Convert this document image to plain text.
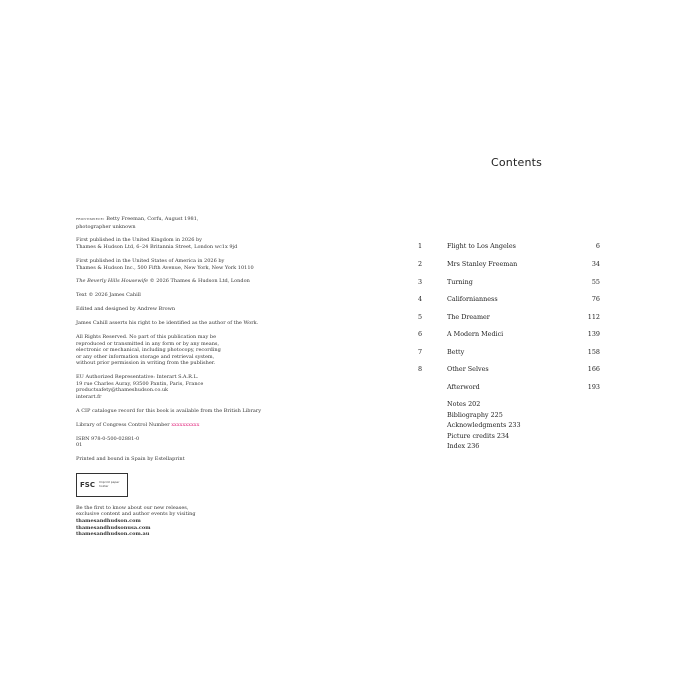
frontispiece: Betty Freeman, Corfu, August 1981,
photographer unknown

First published in the United Kingdom in 2026 by
Thames & Hudson Ltd, 6–24 Britannia Street, London wc1x 9jd

First published in the United States of America in 2026 by
Thames & Hudson Inc., 500 Fifth Avenue, New York, New York 10110

The Beverly Hills Housewife © 2026 Thames & Hudson Ltd, London

Text © 2026 James Cahill

Edited and designed by Andrew Brown

James Cahill asserts his right to be identified as the author of the Work.

All Rights Reserved. No part of this publication may be
reproduced or transmitted in any form or by any means,
electronic or mechanical, including photocopy, recording
or any other information storage and retrieval system,
without prior permission in writing from the publisher.

EU Authorized Representative: Interart S.A.R.L.
19 rue Charles Auray, 93500 Pantin, Paris, France
productsafety@thameshudson.co.uk
interart.fr

A CIP catalogue record for this book is available from the British Library

Library of Congress Control Number xxxxxxxxxx

ISBN 978-0-500-02881-0
01

Printed and bound in Spain by Estellaprint

FSC Imprint paper holder

Be the first to know about our new releases,
exclusive content and author events by visiting
thamesandhudson.com
thamesandhudsonusa.com
thamesandhudson.com.au

Contents
1	Flight to Los Angeles	6
2	Mrs Stanley Freeman	34
3	Turning	55
4	Californianness	76
5	The Dreamer	112
6	A Modern Medici	139
7	Betty	158
8	Other Selves	166
Afterword	193
Notes 202
Bibliography 225
Acknowledgments 233
Picture credits 234
Index 236
